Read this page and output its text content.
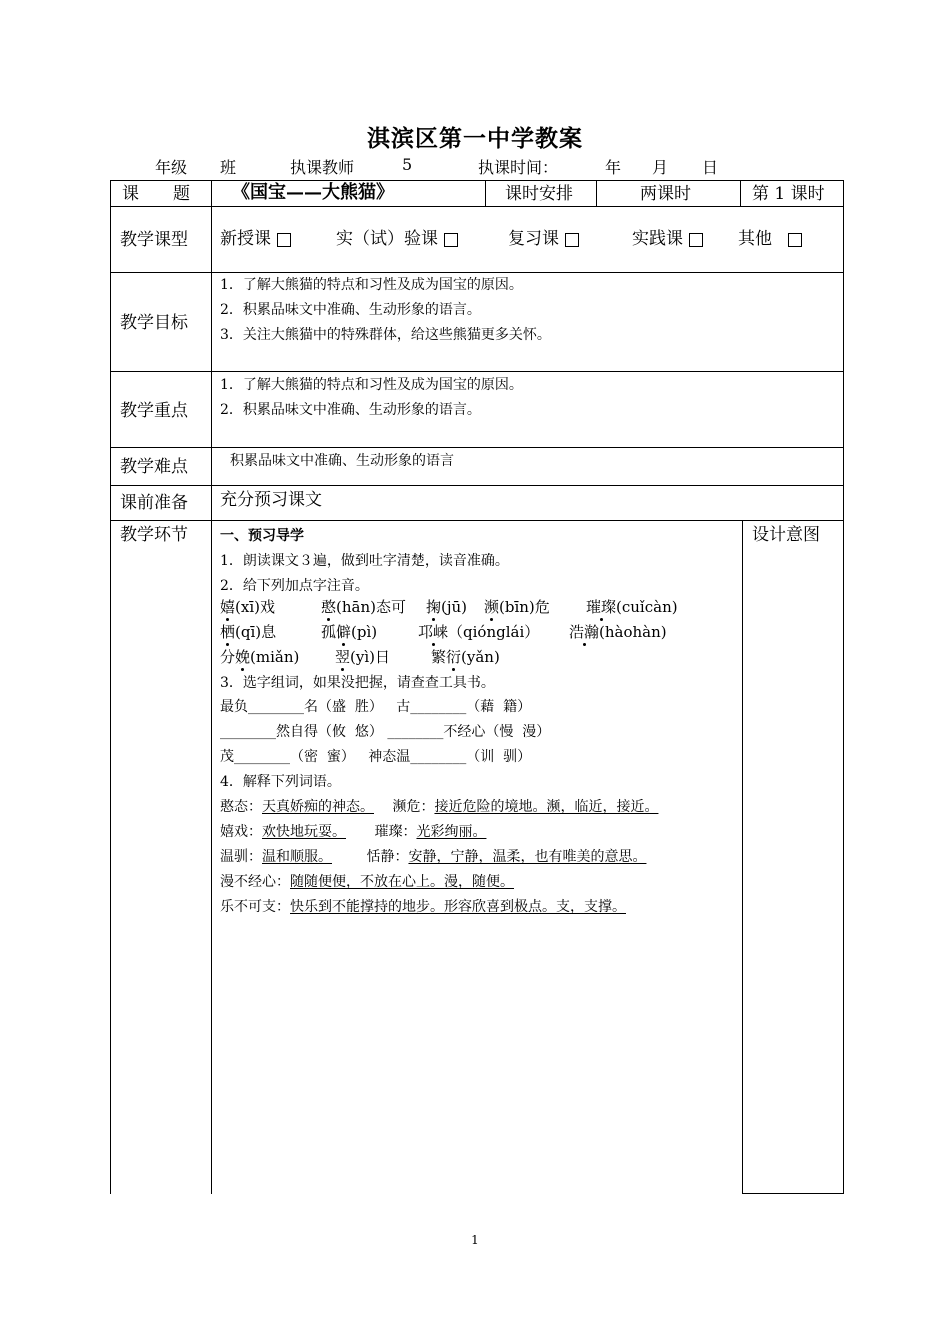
淇滨区第一中学教案
年级 班	执课教师	5	执课时间：	年 月 日
课　　题 《国宝——大熊猫》	课时安排	两课时	第 1 课时
教学课型 新授课	实（试）验课	复习课	实践课	其他
教学目标
1．了解大熊猫的特点和习性及成为国宝的原因。
2．积累品味文中准确、生动形象的语言。
3．关注大熊猫中的特殊群体，给这些熊猫更多关怀。
教学重点
1．了解大熊猫的特点和习性及成为国宝的原因。
2．积累品味文中准确、生动形象的语言。
教学难点	积累品味文中准确、生动形象的语言
课前准备 充分预习课文
教学环节	设计意图
一、预习导学
1．朗读课文３遍，做到吐字清楚，读音准确。
2．给下列加点字注音。
嬉(xī)戏	憨(hān)态可 掬(jū) 濒(bīn)危 璀璨(cuǐcàn)
栖(qī)息	孤僻(pì)	邛崃（qiónglái） 浩瀚(hàohàn)
分娩(miǎn) 翌(yì)日	繁衍(yǎn)
3．选字组词，如果没把握，请查查工具书。
最负________名（盛  胜）   古________（藉  籍）
________然自得（攸  悠） ________不经心（慢  漫）
茂________（密  蜜）   神态温________（训  驯）
4．解释下列词语。
憨态：天真娇痴的神态。 濒危：接近危险的境地。濒，临近，接近。
嬉戏：欢快地玩耍。 璀璨：光彩绚丽。
温驯：温和顺服。 恬静：安静，宁静，温柔，也有唯美的意思。
漫不经心：随随便便，不放在心上。漫，随便。
乐不可支：快乐到不能撑持的地步。形容欣喜到极点。支，支撑。
1
